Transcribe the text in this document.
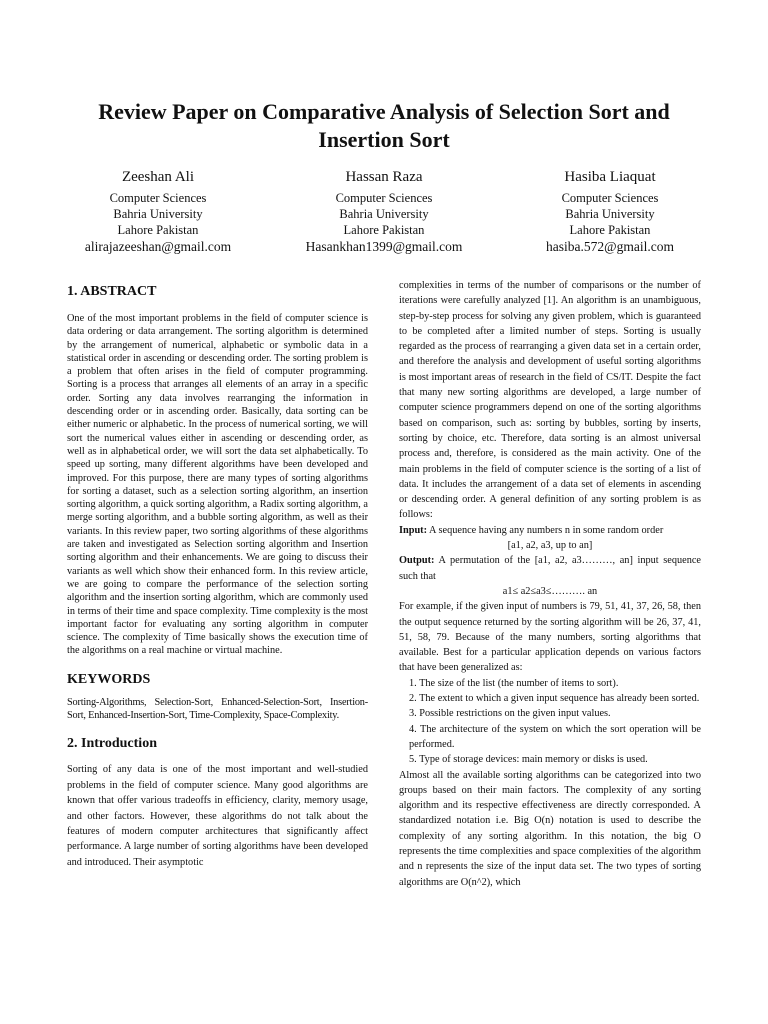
Review Paper on Comparative Analysis of Selection Sort and
Insertion Sort
Zeeshan Ali
Computer Sciences
Bahria University
Lahore Pakistan
alirajazeeshan@gmail.com
Hassan Raza
Computer Sciences
Bahria University
Lahore Pakistan
Hasankhan1399@gmail.com
Hasiba Liaquat
Computer Sciences
Bahria University
Lahore Pakistan
hasiba.572@gmail.com
1. ABSTRACT

One of the most important problems in the field of computer science is data ordering or data arrangement. The sorting algorithm is determined by the arrangement of numerical, alphabetic or symbolic data in a statistical order in ascending or descending order. The sorting problem is a problem that often arises in the field of computer programming. Sorting is a process that arranges all elements of an array in a specific order. Sorting any data involves rearranging the information in descending order or in ascending order. Basically, data sorting can be either numeric or alphabetic. In the process of numerical sorting, we will sort the numerical values either in ascending or descending order, as well as in alphabetical order, we will sort the data set alphabetically. To speed up sorting, many different algorithms have been developed and improved. For this purpose, there are many types of sorting algorithms for sorting a dataset, such as a selection sorting algorithm, an insertion sorting algorithm, a quick sorting algorithm, a Radix sorting algorithm, a merge sorting algorithm, and a bubble sorting algorithm, as well as their variants. In this review paper, two sorting algorithms of these algorithms are taken and investigated as Selection sorting algorithm and Insertion sorting algorithm and their enhancements. We are going to discuss their variants as well which show their enhanced form. In this review article, we are going to compare the performance of the selection sorting algorithm and the insertion sorting algorithm, which are commonly used in terms of their time and space complexity. Time complexity is the most important factor for evaluating any sorting algorithm in computer science. The complexity of Time basically shows the execution time of the algorithms on a real machine or virtual machine.

KEYWORDS

Sorting-Algorithms, Selection-Sort, Enhanced-Selection-Sort, Insertion-Sort, Enhanced-Insertion-Sort, Time-Complexity, Space-Complexity.

2. Introduction

Sorting of any data is one of the most important and well-studied problems in the field of computer science. Many good algorithms are known that offer various tradeoffs in efficiency, clarity, memory usage, and other factors. However, these algorithms do not talk about the features of modern computer architectures that significantly affect performance. A large number of sorting algorithms have been developed and introduced. Their asymptotic

complexities in terms of the number of comparisons or the number of iterations were carefully analyzed [1]. An algorithm is an unambiguous, step-by-step process for solving any given problem, which is guaranteed to be completed after a limited number of steps. Sorting is usually regarded as the process of rearranging a given data set in a certain order, and therefore the analysis and development of useful sorting algorithms is most important areas of research in the field of CS/IT. Despite the fact that many new sorting algorithms are developed, a large number of computer science programmers depend on one of the sorting algorithms based on comparison, such as: sorting by bubbles, sorting by inserts, sorting by choice, etc. Therefore, data sorting is an almost universal process and, therefore, is considered as the main activity. One of the main problems in the field of computer science is the sorting of a list of data. It includes the arrangement of a data set of elements in ascending or descending order. A general definition of any sorting problem is as follows:

Input: A sequence having any numbers n in some random order

[a1, a2, a3, up to an]

Output: A permutation of the [a1, a2, a3………, an] input sequence such that

a1≤ a2≤a3≤………. an

For example, if the given input of numbers is 79, 51, 41, 37, 26, 58, then the output sequence returned by the sorting algorithm will be 26, 37, 41, 51, 58, 79. Because of the many numbers, sorting algorithms that available. Best for a particular application depends on various factors that have been generalized as:

1. The size of the list (the number of items to sort).

2. The extent to which a given input sequence has already been sorted.

3. Possible restrictions on the given input values.

4. The architecture of the system on which the sort operation will be performed.

5. Type of storage devices: main memory or disks is used.

Almost all the available sorting algorithms can be categorized into two groups based on their main factors. The complexity of any sorting algorithm and its respective effectiveness are directly corresponded. A standardized notation i.e. Big O(n) notation is used to describe the complexity of any sorting algorithm. In this notation, the big O represents the time complexities and space complexities of the algorithm and n represents the size of the input data set. The two types of sorting algorithms are O(n^2), which
